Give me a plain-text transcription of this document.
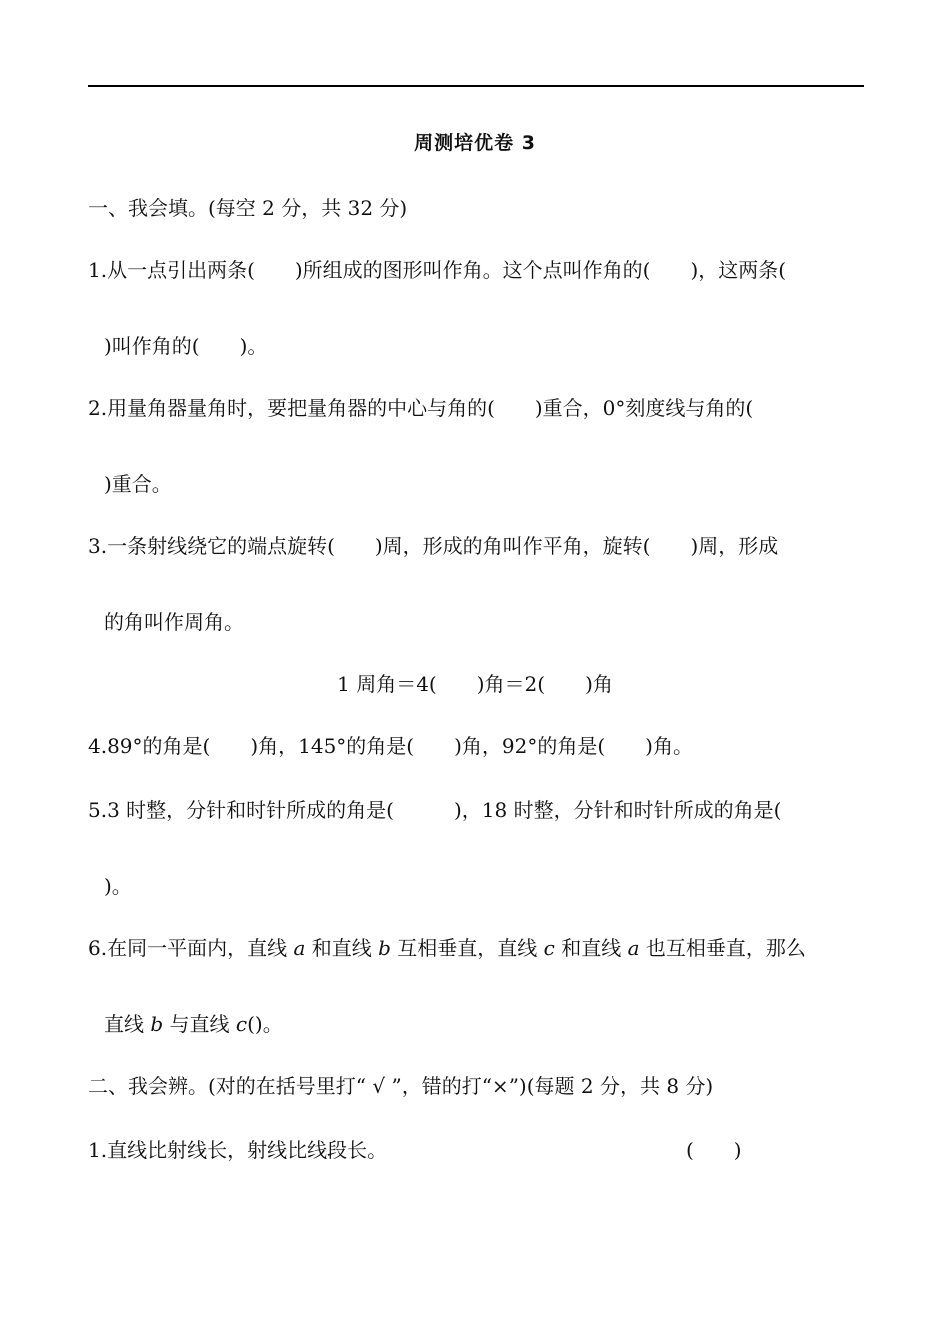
周测培优卷 3
一、我会填。(每空 2 分，共 32 分)
1.从一点引出两条(　　)所组成的图形叫作角。这个点叫作角的(　　)，这两条(
)叫作角的(　　)。
2.用量角器量角时，要把量角器的中心与角的(　　)重合，0°刻度线与角的(
)重合。
3.一条射线绕它的端点旋转(　　)周，形成的角叫作平角，旋转(　　)周，形成
的角叫作周角。
1 周角＝4(　　)角＝2(　　)角
4.89°的角是(　　)角，145°的角是(　　)角，92°的角是(　　)角。
5.3 时整，分针和时针所成的角是(　　　)，18 时整，分针和时针所成的角是(
)。
6.在同一平面内，直线 a 和直线 b 互相垂直，直线 c 和直线 a 也互相垂直，那么
直线 b 与直线 c()。
二、我会辨。(对的在括号里打“ √ ”，错的打“×”)(每题 2 分，共 8 分)
1.直线比射线长，射线比线段长。	(　　)
